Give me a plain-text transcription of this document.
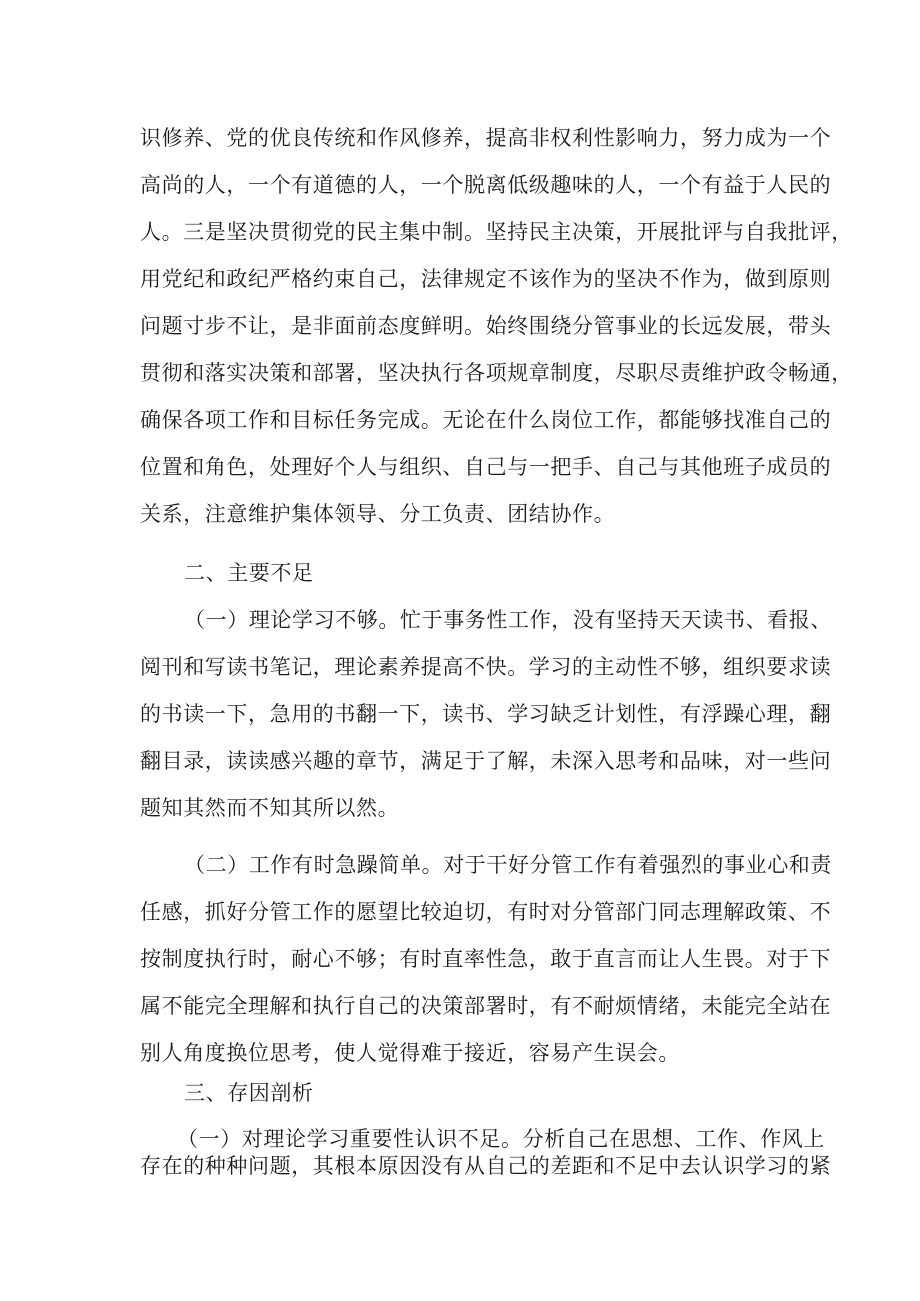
识修养、党的优良传统和作风修养，提高非权利性影响力，努力成为一个
高尚的人，一个有道德的人，一个脱离低级趣味的人，一个有益于人民的
人。三是坚决贯彻党的民主集中制。坚持民主决策，开展批评与自我批评，
用党纪和政纪严格约束自己，法律规定不该作为的坚决不作为，做到原则
问题寸步不让，是非面前态度鲜明。始终围绕分管事业的长远发展，带头
贯彻和落实决策和部署，坚决执行各项规章制度，尽职尽责维护政令畅通，
确保各项工作和目标任务完成。无论在什么岗位工作，都能够找准自己的
位置和角色，处理好个人与组织、自己与一把手、自己与其他班子成员的
关系，注意维护集体领导、分工负责、团结协作。
二、主要不足
（一）理论学习不够。忙于事务性工作，没有坚持天天读书、看报、
阅刊和写读书笔记，理论素养提高不快。学习的主动性不够，组织要求读
的书读一下，急用的书翻一下，读书、学习缺乏计划性，有浮躁心理，翻
翻目录，读读感兴趣的章节，满足于了解，未深入思考和品味，对一些问
题知其然而不知其所以然。
（二）工作有时急躁简单。对于干好分管工作有着强烈的事业心和责
任感，抓好分管工作的愿望比较迫切，有时对分管部门同志理解政策、不
按制度执行时，耐心不够；有时直率性急，敢于直言而让人生畏。对于下
属不能完全理解和执行自己的决策部署时，有不耐烦情绪，未能完全站在
别人角度换位思考，使人觉得难于接近，容易产生误会。
三、存因剖析
（一）对理论学习重要性认识不足。分析自己在思想、工作、作风上
存在的种种问题，其根本原因没有从自己的差距和不足中去认识学习的紧
